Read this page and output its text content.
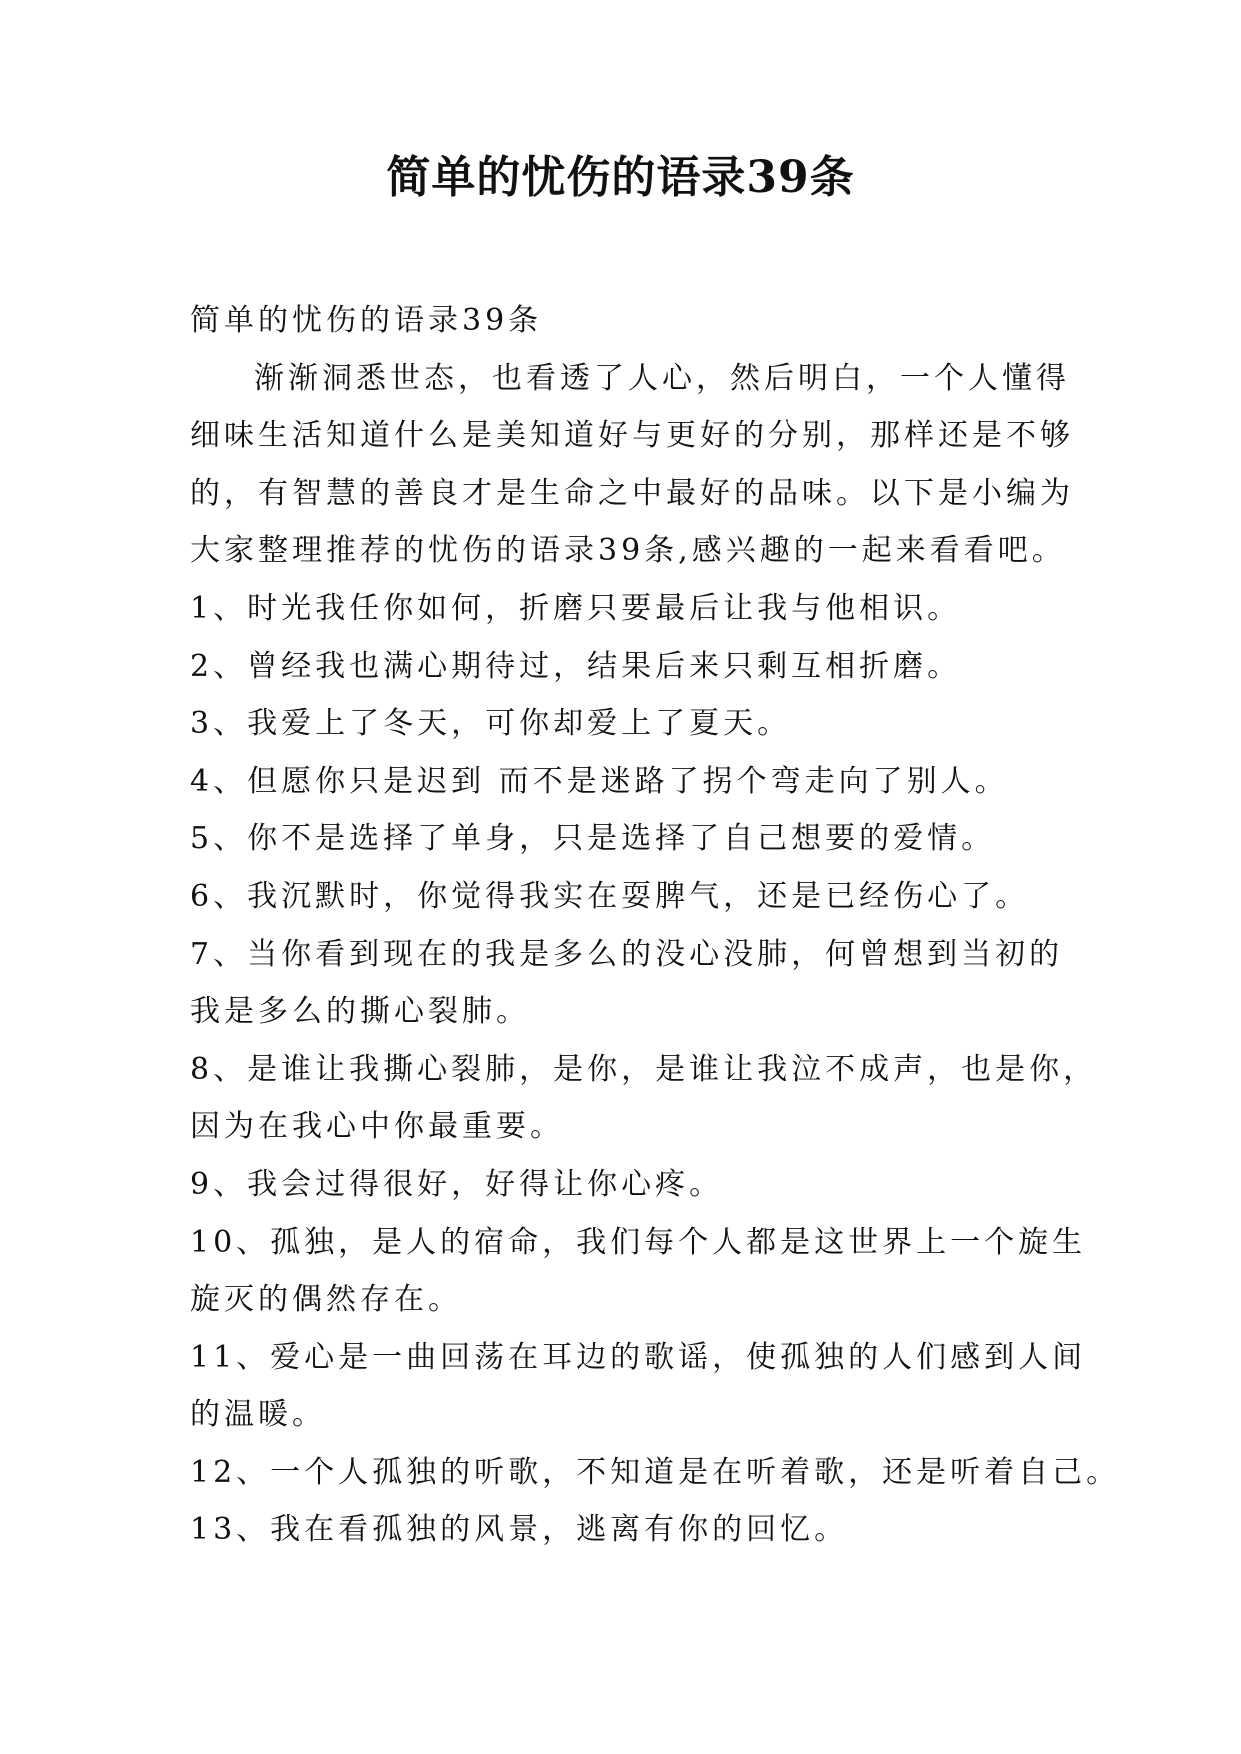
简单的忧伤的语录39条
简单的忧伤的语录39条
渐渐洞悉世态，也看透了人心，然后明白，一个人懂得
细味生活知道什么是美知道好与更好的分别，那样还是不够
的，有智慧的善良才是生命之中最好的品味。以下是小编为
大家整理推荐的忧伤的语录39条,感兴趣的一起来看看吧。
1、时光我任你如何，折磨只要最后让我与他相识。
2、曾经我也满心期待过，结果后来只剩互相折磨。
3、我爱上了冬天，可你却爱上了夏天。
4、但愿你只是迟到 而不是迷路了拐个弯走向了别人。
5、你不是选择了单身，只是选择了自己想要的爱情。
6、我沉默时，你觉得我实在耍脾气，还是已经伤心了。
7、当你看到现在的我是多么的没心没肺，何曾想到当初的
我是多么的撕心裂肺。
8、是谁让我撕心裂肺，是你，是谁让我泣不成声，也是你，
因为在我心中你最重要。
9、我会过得很好，好得让你心疼。
10、孤独，是人的宿命，我们每个人都是这世界上一个旋生
旋灭的偶然存在。
11、爱心是一曲回荡在耳边的歌谣，使孤独的人们感到人间
的温暖。
12、一个人孤独的听歌，不知道是在听着歌，还是听着自己。
13、我在看孤独的风景，逃离有你的回忆。
